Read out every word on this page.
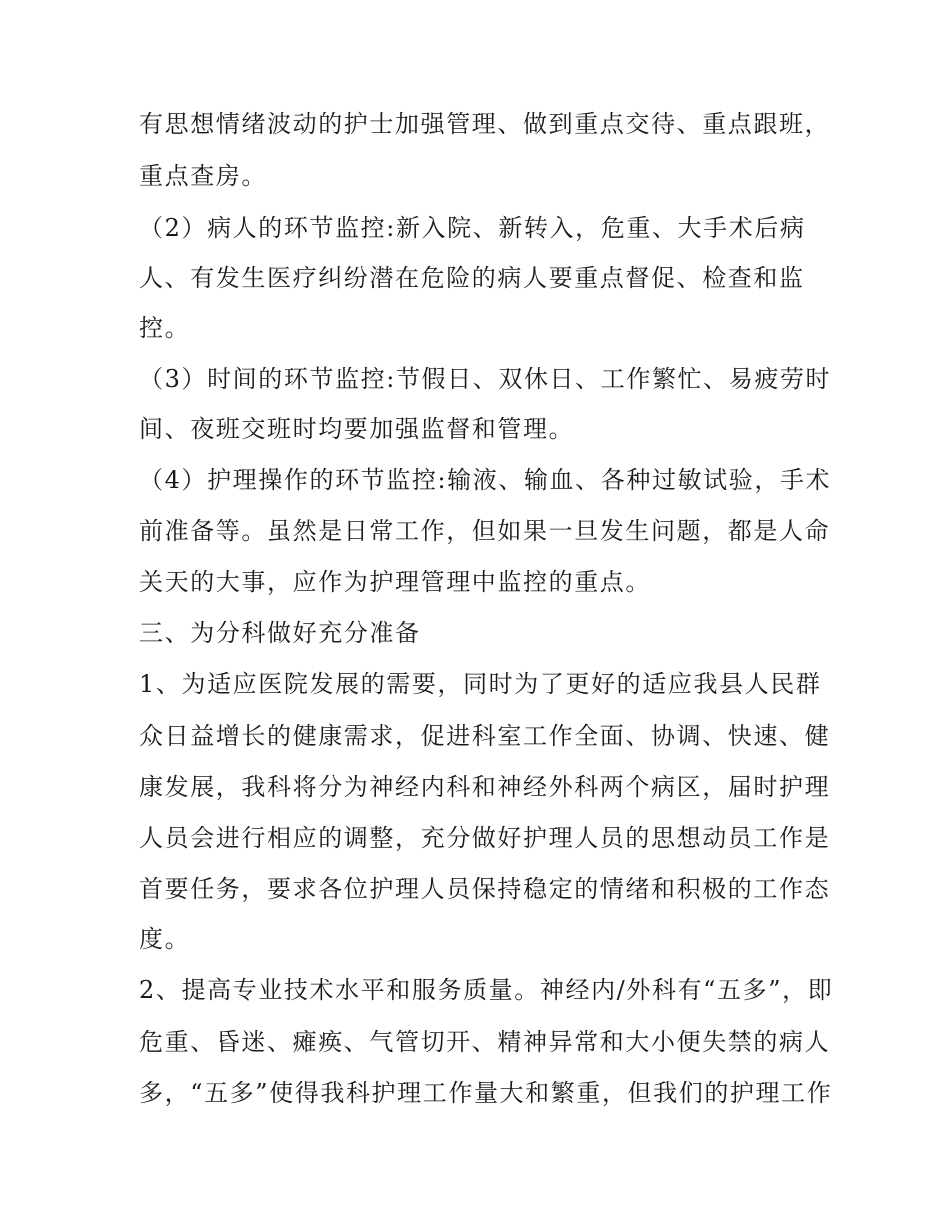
有思想情绪波动的护士加强管理、做到重点交待、重点跟班，
重点查房。
（2）病人的环节监控:新入院、新转入，危重、大手术后病
人、有发生医疗纠纷潜在危险的病人要重点督促、检查和监
控。
（3）时间的环节监控:节假日、双休日、工作繁忙、易疲劳时
间、夜班交班时均要加强监督和管理。
（4）护理操作的环节监控:输液、输血、各种过敏试验，手术
前准备等。虽然是日常工作，但如果一旦发生问题，都是人命
关天的大事，应作为护理管理中监控的重点。
三、为分科做好充分准备
1、为适应医院发展的需要，同时为了更好的适应我县人民群
众日益增长的健康需求，促进科室工作全面、协调、快速、健
康发展，我科将分为神经内科和神经外科两个病区，届时护理
人员会进行相应的调整，充分做好护理人员的思想动员工作是
首要任务，要求各位护理人员保持稳定的情绪和积极的工作态
度。
2、提高专业技术水平和服务质量。神经内/外科有“五多”，即
危重、昏迷、瘫痪、气管切开、精神异常和大小便失禁的病人
多，“五多”使得我科护理工作量大和繁重，但我们的护理工作
